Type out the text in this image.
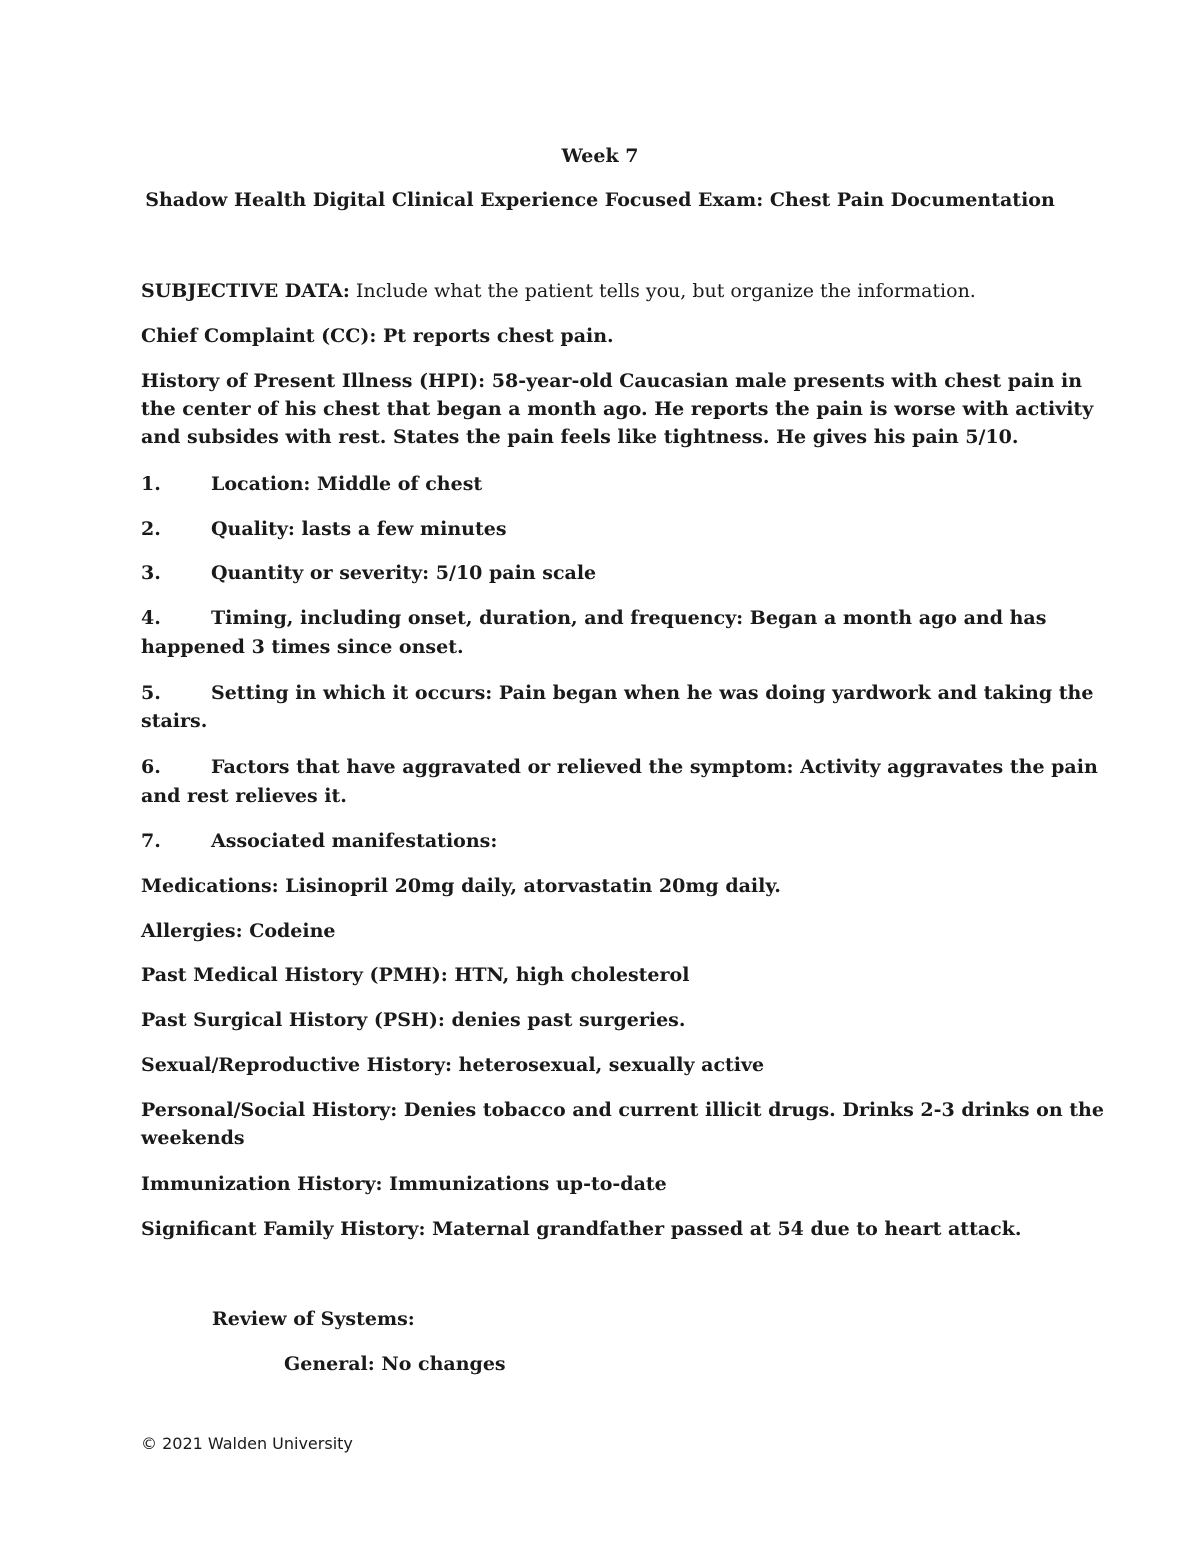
Week 7
Shadow Health Digital Clinical Experience Focused Exam: Chest Pain Documentation
SUBJECTIVE DATA: Include what the patient tells you, but organize the information.
Chief Complaint (CC): Pt reports chest pain.
History of Present Illness (HPI): 58-year-old Caucasian male presents with chest pain in
the center of his chest that began a month ago. He reports the pain is worse with activity
and subsides with rest. States the pain feels like tightness. He gives his pain 5/10.
1.	Location: Middle of chest
2.	Quality: lasts a few minutes
3.	Quantity or severity: 5/10 pain scale
4.	Timing, including onset, duration, and frequency: Began a month ago and has
happened 3 times since onset.
5.	Setting in which it occurs: Pain began when he was doing yardwork and taking the
stairs.
6.	Factors that have aggravated or relieved the symptom: Activity aggravates the pain
and rest relieves it.
7.	Associated manifestations:
Medications: Lisinopril 20mg daily, atorvastatin 20mg daily.
Allergies: Codeine
Past Medical History (PMH): HTN, high cholesterol
Past Surgical History (PSH): denies past surgeries.
Sexual/Reproductive History: heterosexual, sexually active
Personal/Social History: Denies tobacco and current illicit drugs. Drinks 2-3 drinks on the
weekends
Immunization History: Immunizations up-to-date
Significant Family History: Maternal grandfather passed at 54 due to heart attack.
Review of Systems:
General: No changes
© 2021 Walden University
